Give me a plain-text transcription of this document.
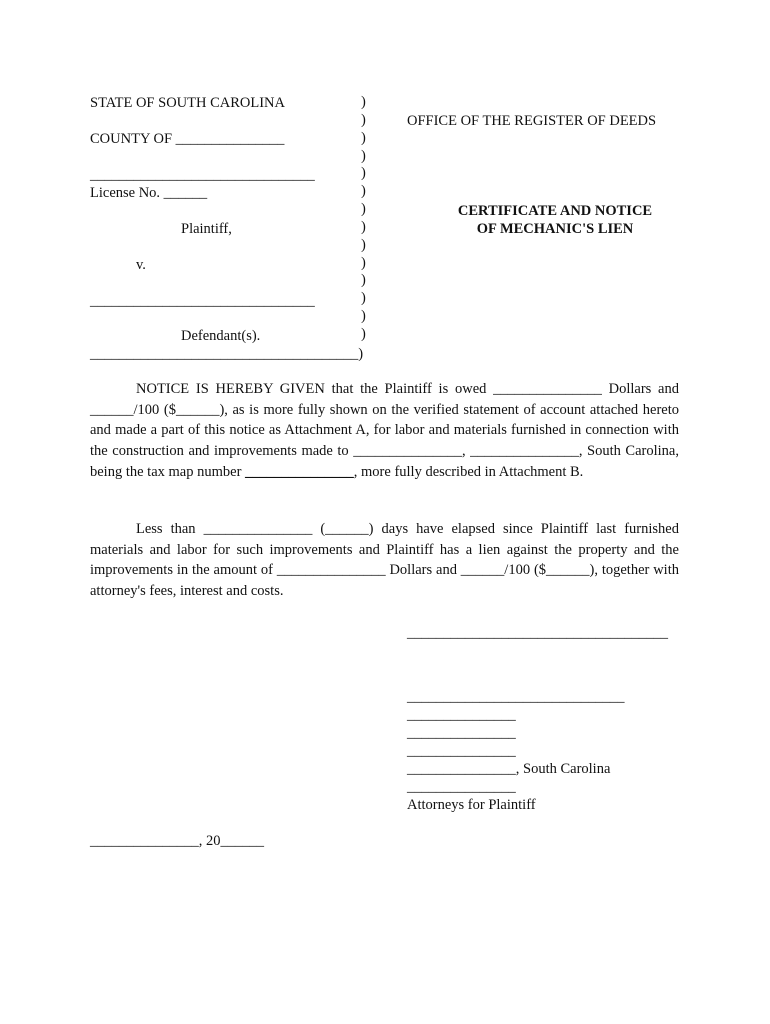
STATE OF SOUTH CAROLINA
COUNTY OF _______________
_______________________________
License No. ______
Plaintiff,
v.
_______________________________
Defendant(s).
_____________________________________)
)
)
)
)
)
)
)
)
)
)
)
)
)
)
OFFICE OF THE REGISTER OF DEEDS
CERTIFICATE AND NOTICE
OF MECHANIC'S LIEN

NOTICE IS HEREBY GIVEN that the Plaintiff is owed _______________ Dollars and ______/100 ($______), as is more fully shown on the verified statement of account attached hereto and made a part of this notice as Attachment A, for labor and materials furnished in connection with the construction and improvements made to _______________, _______________, South Carolina, being the tax map number _______________, more fully described in Attachment B.

Less than _______________ (______) days have elapsed since Plaintiff last furnished materials and labor for such improvements and Plaintiff has a lien against the property and the improvements in the amount of _______________ Dollars and ______/100 ($______), together with attorney's fees, interest and costs.

____________________________________
______________________________
_______________
_______________
_______________
_______________, South Carolina
_______________
Attorneys for Plaintiff
_______________, 20______
